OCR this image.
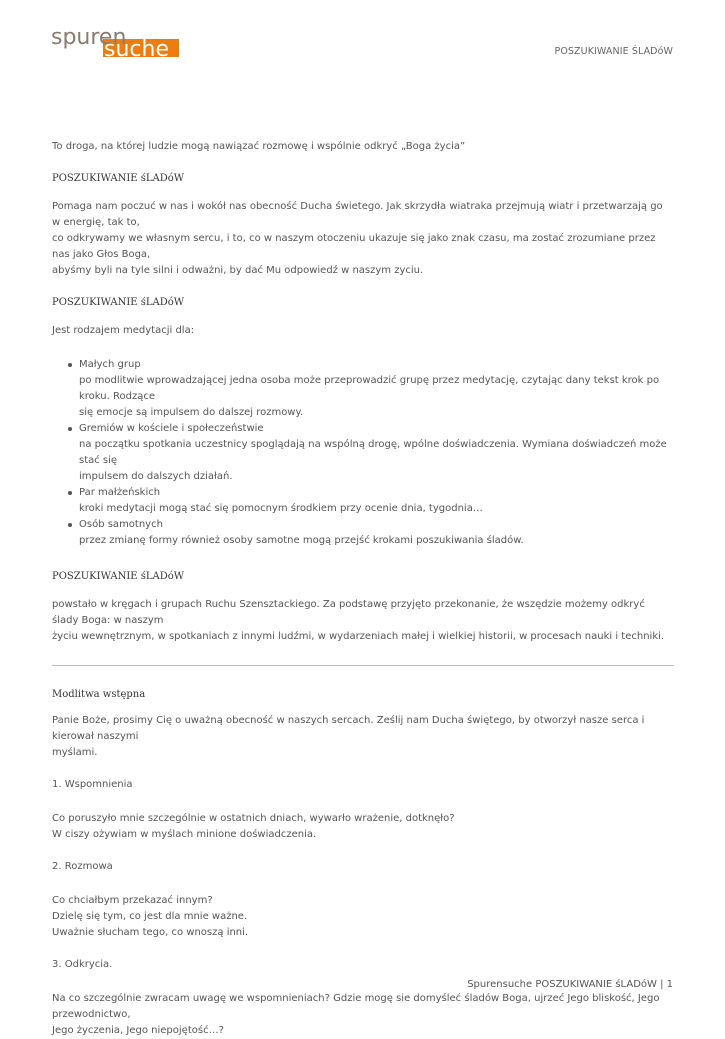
spuren
suche	POSZUKIWANIE ŚLADóW

To droga, na której ludzie mogą nawiązać rozmowę i wspólnie odkryć „Boga życia”

POSZUKIWANIE śLADóW

Pomaga nam poczuć w nas i wokół nas obecność Ducha świetego. Jak skrzydła wiatraka przejmują wiatr i przetwarzają go w energię, tak to,
co odkrywamy we własnym sercu, i to, co w naszym otoczeniu ukazuje się jako znak czasu, ma zostać zrozumiane przez nas jako Głos Boga,
abyśmy byli na tyle silni i odważni, by dać Mu odpowiedź w naszym zyciu.

POSZUKIWANIE śLADóW

Jest rodzajem medytacji dla:

Małych grup
po modlitwie wprowadzającej jedna osoba może przeprowadzić grupę przez medytację, czytając dany tekst krok po kroku. Rodzące
się emocje są impulsem do dalszej rozmowy.
Gremiów w kościele i społeczeństwie
na początku spotkania uczestnicy spoglądają na wspólną drogę, wpólne doświadczenia. Wymiana doświadczeń może stać się
impulsem do dalszych działań.
Par małżeńskich
kroki medytacji mogą stać się pomocnym środkiem przy ocenie dnia, tygodnia…
Osób samotnych
przez zmianę formy również osoby samotne mogą przejść krokami poszukiwania śladów.

POSZUKIWANIE śLADóW

powstało w kręgach i grupach Ruchu Szensztackiego. Za podstawę przyjęto przekonanie, że wszędzie możemy odkryć ślady Boga: w naszym
życiu wewnętrznym, w spotkaniach z innymi ludźmi, w wydarzeniach małej i wielkiej historii, w procesach nauki i techniki.

Modlitwa wstępna

Panie Boże, prosimy Cię o uważną obecność w naszych sercach. Ześlij nam Ducha świętego, by otworzył nasze serca i kierował naszymi
myślami.

1. Wspomnienia

Co poruszyło mnie szczególnie w ostatnich dniach, wywarło wrażenie, dotknęło?
W ciszy ożywiam w myślach minione doświadczenia.

2. Rozmowa

Co chciałbym przekazać innym?
Dzielę się tym, co jest dla mnie ważne.
Uważnie słucham tego, co wnoszą inni.

3. Odkrycia.

Na co szczególnie zwracam uwagę we wspomnieniach? Gdzie mogę sie domyśleć śladów Boga, ujrzeć Jego bliskość, Jego przewodnictwo,
Jego życzenia, Jego niepojętość…?
Spurensuche POSZUKIWANIE śLADóW | 1
